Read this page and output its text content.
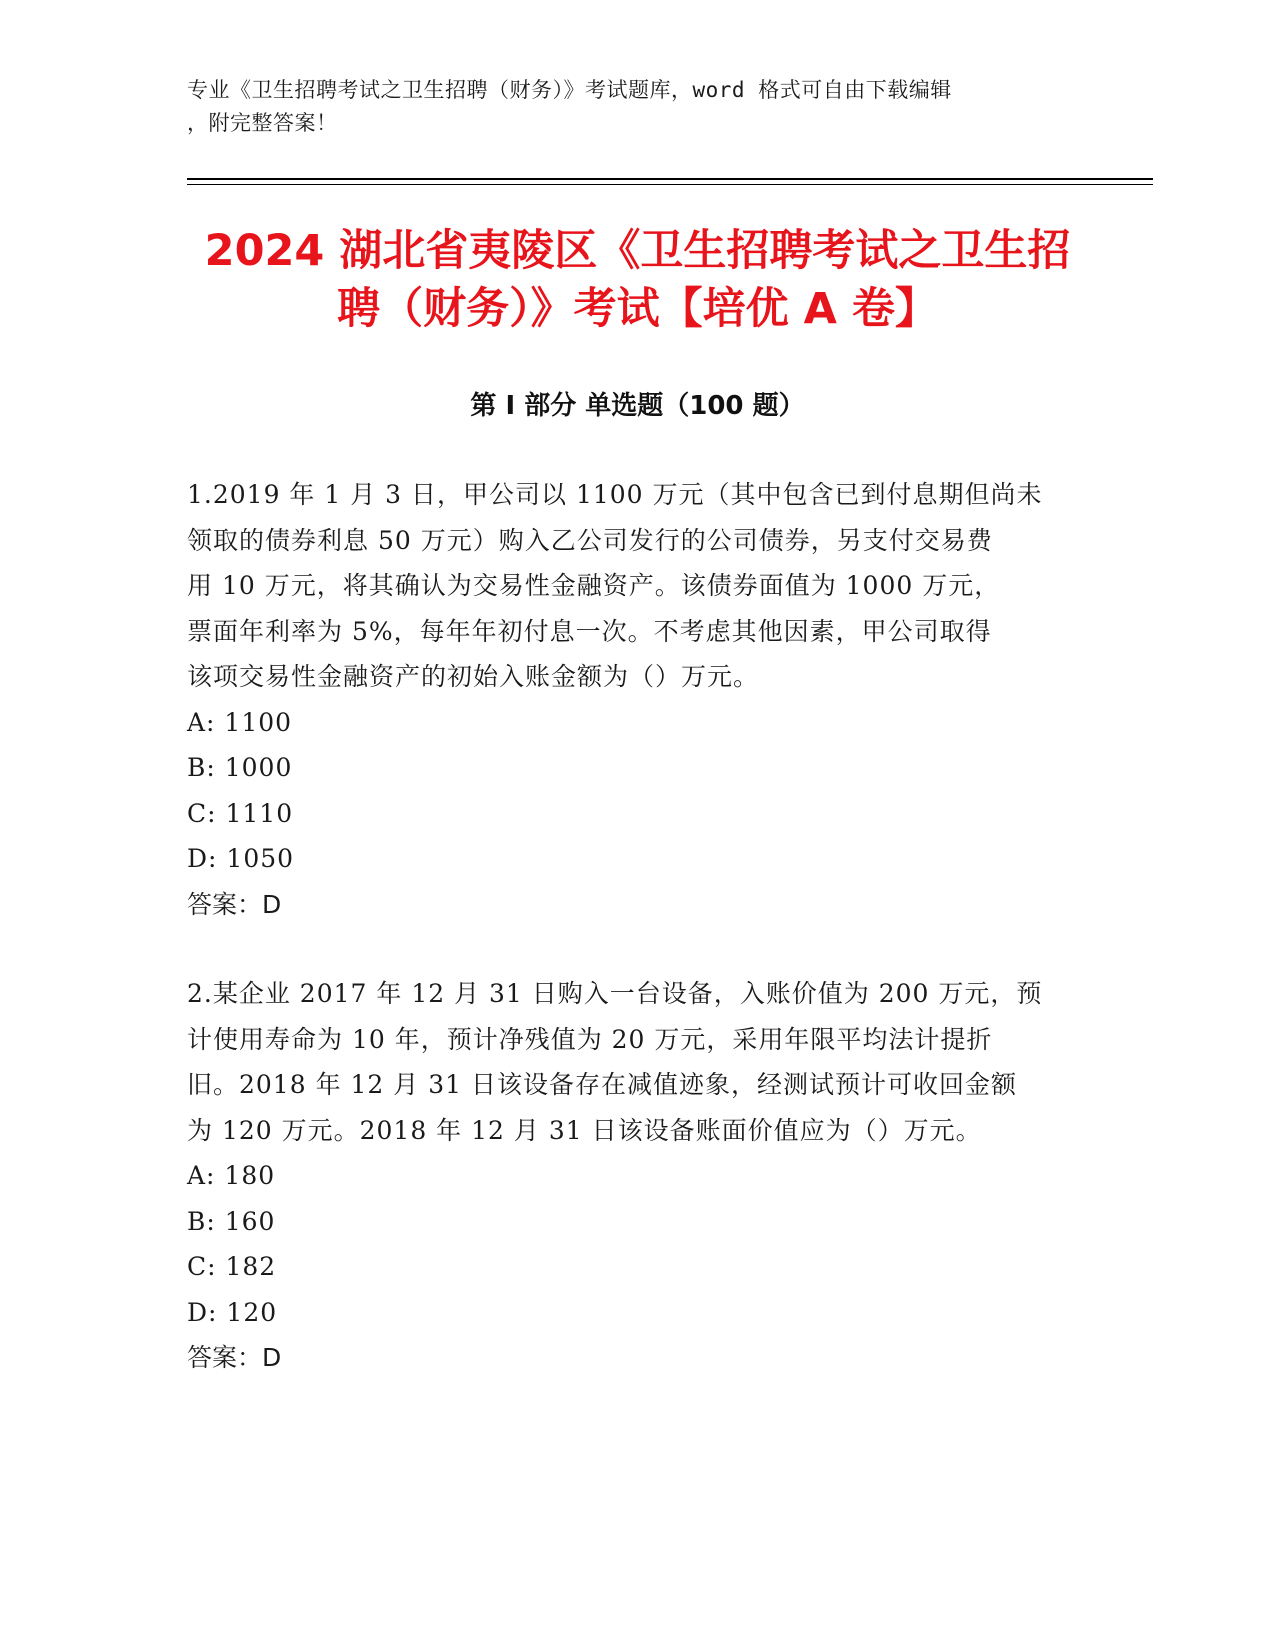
专业《卫生招聘考试之卫生招聘（财务）》考试题库，word 格式可自由下载编辑
，附完整答案！
2024 湖北省夷陵区《卫生招聘考试之卫生招
聘（财务）》考试【培优 A 卷】
第 I 部分 单选题（100 题）
1.2019 年 1 月 3 日，甲公司以 1100 万元（其中包含已到付息期但尚未
领取的债券利息 50 万元）购入乙公司发行的公司债券，另支付交易费
用 10 万元，将其确认为交易性金融资产。该债券面值为 1000 万元，
票面年利率为 5%，每年年初付息一次。不考虑其他因素，甲公司取得
该项交易性金融资产的初始入账金额为（）万元。
A: 1100
B: 1000
C: 1110
D: 1050
答案：D
2.某企业 2017 年 12 月 31 日购入一台设备，入账价值为 200 万元，预
计使用寿命为 10 年，预计净残值为 20 万元，采用年限平均法计提折
旧。2018 年 12 月 31 日该设备存在减值迹象，经测试预计可收回金额
为 120 万元。2018 年 12 月 31 日该设备账面价值应为（）万元。
A: 180
B: 160
C: 182
D: 120
答案：D
